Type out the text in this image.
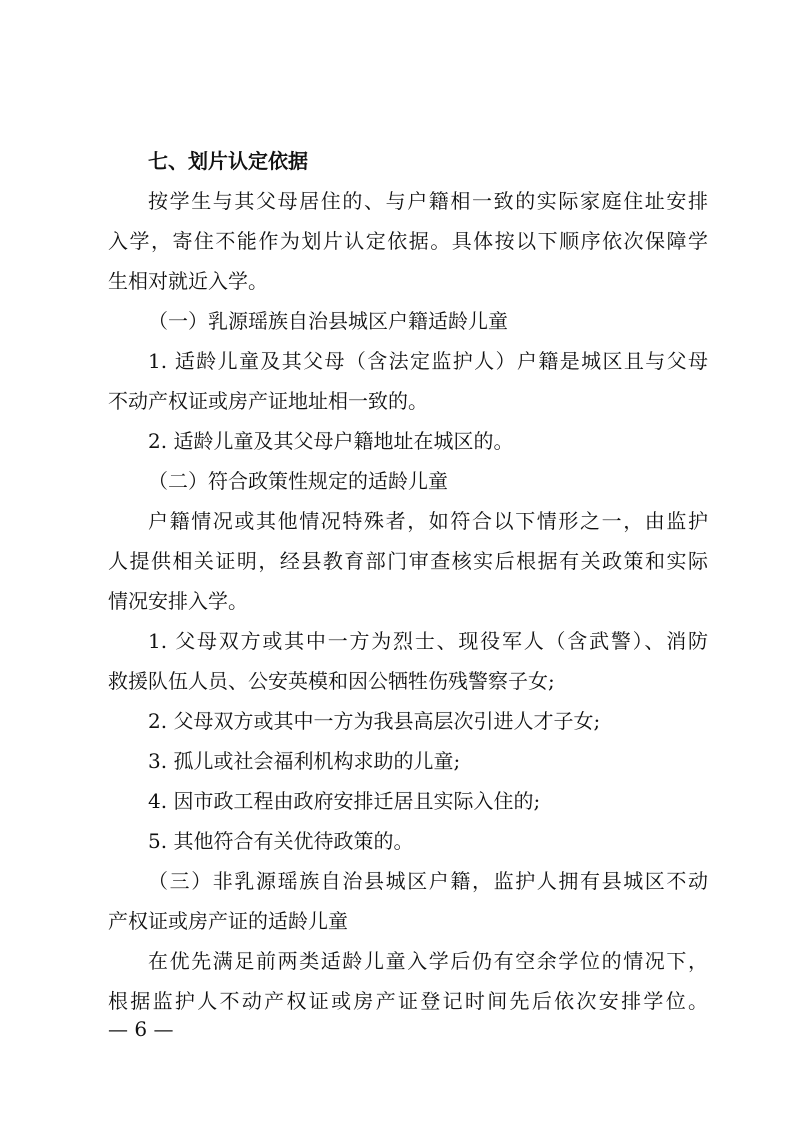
七、划片认定依据
按学生与其父母居住的、与户籍相一致的实际家庭住址安排
入学，寄住不能作为划片认定依据。具体按以下顺序依次保障学
生相对就近入学。
（一）乳源瑶族自治县城区户籍适龄儿童
1. 适龄儿童及其父母（含法定监护人）户籍是城区且与父母
不动产权证或房产证地址相一致的。
2. 适龄儿童及其父母户籍地址在城区的。
（二）符合政策性规定的适龄儿童
户籍情况或其他情况特殊者，如符合以下情形之一，由监护
人提供相关证明，经县教育部门审查核实后根据有关政策和实际
情况安排入学。
1. 父母双方或其中一方为烈士、现役军人（含武警）、消防
救援队伍人员、公安英模和因公牺牲伤残警察子女;
2. 父母双方或其中一方为我县高层次引进人才子女;
3. 孤儿或社会福利机构求助的儿童;
4. 因市政工程由政府安排迁居且实际入住的;
5. 其他符合有关优待政策的。
（三）非乳源瑶族自治县城区户籍，监护人拥有县城区不动
产权证或房产证的适龄儿童
在优先满足前两类适龄儿童入学后仍有空余学位的情况下，
根据监护人不动产权证或房产证登记时间先后依次安排学位。
— 6 —
